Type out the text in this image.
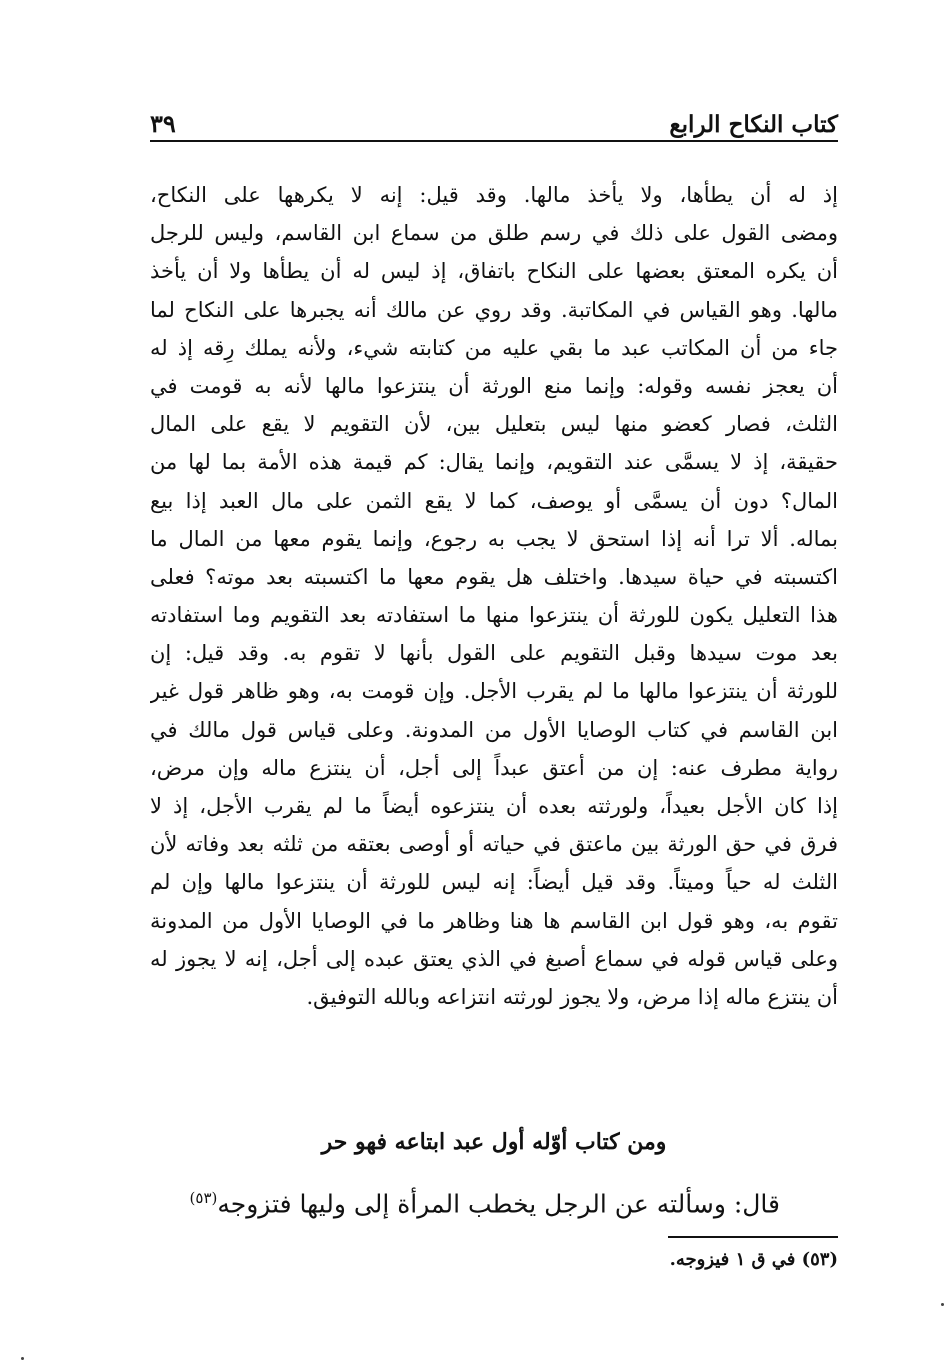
كتاب النكاح الرابع
٣٩
إذ له أن يطأها، ولا يأخذ مالها. وقد قيل: إنه لا يكرهها على النكاح،
ومضى القول على ذلك في رسم طلق من سماع ابن القاسم، وليس للرجل
أن يكره المعتق بعضها على النكاح باتفاق، إذ ليس له أن يطأها ولا أن يأخذ
مالها. وهو القياس في المكاتبة. وقد روي عن مالك أنه يجبرها على النكاح لما
جاء من أن المكاتب عبد ما بقي عليه من كتابته شيء، ولأنه يملك رِقه إذ له
أن يعجز نفسه وقوله: وإنما منع الورثة أن ينتزعوا مالها لأنه به قومت في
الثلث، فصار كعضو منها ليس بتعليل بين، لأن التقويم لا يقع على المال
حقيقة، إذ لا يسمَّى عند التقويم، وإنما يقال: كم قيمة هذه الأمة بما لها من
المال؟ دون أن يسمَّى أو يوصف، كما لا يقع الثمن على مال العبد إذا بيع
بماله. ألا ترا أنه إذا استحق لا يجب به رجوع، وإنما يقوم معها من المال ما
اكتسبته في حياة سيدها. واختلف هل يقوم معها ما اكتسبته بعد موته؟ فعلى
هذا التعليل يكون للورثة أن ينتزعوا منها ما استفادته بعد التقويم وما استفادته
بعد موت سيدها وقبل التقويم على القول بأنها لا تقوم به. وقد قيل: إن
للورثة أن ينتزعوا مالها ما لم يقرب الأجل. وإن قومت به، وهو ظاهر قول غير
ابن القاسم في كتاب الوصايا الأول من المدونة. وعلى قياس قول مالك في
رواية مطرف عنه: إن من أعتق عبداً إلى أجل، أن ينتزع ماله وإن مرض،
إذا كان الأجل بعيداً، ولورثته بعده أن ينتزعوه أيضاً ما لم يقرب الأجل، إذ لا
فرق في حق الورثة بين ماعتق في حياته أو أوصى بعتقه من ثلثه بعد وفاته لأن
الثلث له حياً وميتاً. وقد قيل أيضاً: إنه ليس للورثة أن ينتزعوا مالها وإن لم
تقوم به، وهو قول ابن القاسم ها هنا وظاهر ما في الوصايا الأول من المدونة
وعلى قياس قوله في سماع أصبغ في الذي يعتق عبده إلى أجل، إنه لا يجوز له
أن ينتزع ماله إذا مرض، ولا يجوز لورثته انتزاعه وبالله التوفيق.
ومن كتاب أوّله أول عبد ابتاعه فهو حر
قال: وسألته عن الرجل يخطب المرأة إلى وليها فتزوجه$^{(٥٣)}$
(٥٣) في ق ١ فيزوجه.
